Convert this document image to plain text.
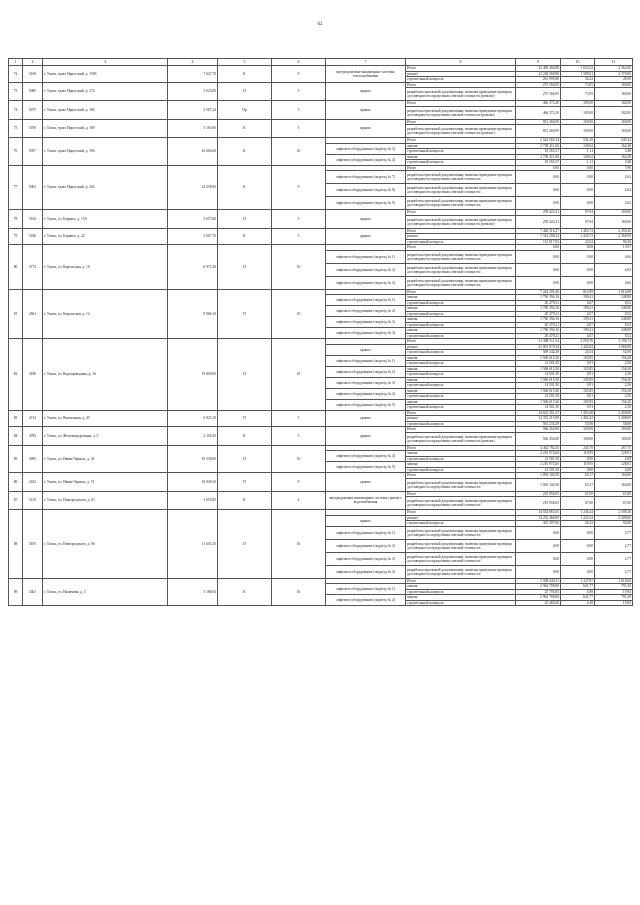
62
1	2	3	4	5	6	7	8	9	10	11
72	5169	г. Томск, тракт Иркутский, д. 158б	7 647,70	К	9	внутридомовые инженерные системы теплоснабжения	Итого	12 490 404,88	1 633,23	2 562,00
							ремонт	12 228 569,00	1 599,01	2 379,00
							строительный контроль	261 995,88	34,22	49,00
73	5085	г. Томск, тракт Иркутский, д. 174	3 625,00	П	5	крыша	Итого	275 566,95	73,95	169,00
							разработка проектной документации, включая проведение проверки достоверности определения сметной стоимости (ремонт)	275 566,95	73,95	169,00
74	5075	г. Томск, тракт Иркутский, д. 184	3 587,24	Пр	5	крыша	Итого	466 372,20	185,00	182,00
							разработка проектной документации, включая проведение проверки достоверности определения сметной стоимости (ремонт)	466 372,20	185,00	182,00
75	5076	г. Томск, тракт Иркутский, д. 169	5 163,96	К	5	крыша	Итого	851 260,99	169,00	169,00
							разработка проектной документации, включая проведение проверки достоверности определения сметной стоимости (ремонт)	851 260,99	169,00	169,00
76	5057	г. Томск, тракт Иркутский, д. 194	16 664,60	К	10		Итого	2 544 582,14	541,45	543,34
						лифтовое оборудование (подъезд № 3)	замена	2 758 411,00	149,62	162,48
							строительный контроль	18 565,37	1,11	3,48
						лифтовое оборудование (подъезд № 4)	замена	2 758 411,00	149,62	162,48
							строительный контроль	18 565,37	1,11	3,48
77	5061	г. Томск, тракт Иркутский, д. 204	12 258,90	К	9		Итого	0,00	0,00	7,90
						лифтовое оборудование (подъезд № 7)	разработка проектной документации, включая проведение проверки достоверности определения сметной стоимости	0,00	0,00	2,63
						лифтовое оборудование (подъезд № 8)	разработка проектной документации, включая проведение проверки достоверности определения сметной стоимости	0,00	0,00	2,64
						лифтовое оборудование (подъезд № 9)	разработка проектной документации, включая проведение проверки достоверности определения сметной стоимости	0,00	0,00	2,63
78	5162	г. Томск, ул. Беринга, д. 15А	2 657,60	П	5	крыша	Итого	259 424,31	97,94	169,00
							разработка проектной документации, включая проведение проверки достоверности определения сметной стоимости (ремонт)	259 424,31	97,94	169,00
79	5186	г. Томск, ул. Беринга, д. 22	5 067,70	К	5	крыша	Итого	7 426 316,27	1 465,74	2 458,20
							ремонт	7 314 298,34	1 443,72	2 368,00
							строительный контроль	112 017,93	22,02	90,20
80	4774	г. Томск, ул. Киргизская, д. 10	6 971,50	П	10		Итого	0,00	0,00	13,97
						лифтовое оборудование (подъезд № 1)	разработка проектной документации, включая проведение проверки достоверности определения сметной стоимости	0,00	0,00	4,66
						лифтовое оборудование (подъезд № 2)	разработка проектной документации, включая проведение проверки достоверности определения сметной стоимости	0,00	0,00	4,65
						лифтовое оборудование (подъезд № 3)	разработка проектной документации, включая проведение проверки достоверности определения сметной стоимости	0,00	0,00	4,66
81	4561	г. Томск, ул. Киргизская, д. 12	9 066,10	П	10		Итого	7 244 295,40	814,98	1 016,80
						лифтовое оборудование (подъезд № 1)	замена	1 790 394,16	199,41	248,80
							строительный контроль	20 479,21	4,07	8,52
						лифтовое оборудование (подъезд № 2)	замена	1 790 394,16	199,41	248,80
							строительный контроль	20 479,21	4,07	8,52
						лифтовое оборудование (подъезд № 3)	замена	1 790 394,16	199,41	248,80
							строительный контроль	20 479,21	4,07	8,52
						лифтовое оборудование (подъезд № 4)	замена	1 790 394,16	199,41	248,80
							строительный контроль	20 479,21	4,07	8,52
82	4180	г. Томск, ул. Водопроводная, д. 16	19 849,00	П	10		Итого	31 408 511,54	2 059,76	3 196,74
						крыша	ремонт	21 001 070,34	1 444,02	1 968,00
							строительный контроль	509 342,29	24,54	52,00
						лифтовое оборудование (подъезд № 1)	замена	1 506 615,30	105,85	156,20
							строительный контроль	14 501,50	0,91	2,56
						лифтовое оборудование (подъезд № 2)	замена	1 506 615,30	105,85	156,20
							строительный контроль	14 501,50	0,91	2,56
						лифтовое оборудование (подъезд № 3)	замена	1 506 615,30	105,85	156,20
							строительный контроль	14 501,50	0,91	2,56
						лифтовое оборудование (подъезд № 4)	замена	1 506 615,30	105,85	156,20
							строительный контроль	14 501,50	0,91	2,56
						лифтовое оборудование (подъезд № 5)	замена	1 506 615,30	105,85	156,20
							строительный контроль	14 501,50	0,91	2,56
83	4714	г. Томск, ул. Вокзальная, д. 45	6 925,10	П	5	крыша	Итого	14 623 451,27	1 455,48	2 458,00
							ремонт	14 352 215,98	1 402,42	2 408,00
							строительный контроль	561 235,29	53,06	50,00
84	4785	г. Томск, ул. Железнодорожная, д. 5	2 159,20	К	5	крыша	Итого	566 454,80	169,00	169,00
							разработка проектной документации, включая проведение проверки достоверности определения сметной стоимости (ремонт)	566 454,80	169,00	169,00
85	4095	г. Томск, ул. Ивана Черных, д. 24	10 538,00	П	10		Итого	4 462 792,45	245,70	267,75
						лифтовое оборудование (подъезд № 4)	замена	2 216 974,60	119,95	128,91
							строительный контроль	14 501,50	0,90	2,69
						лифтовое оборудование (подъезд № 5)	замена	2 216 974,60	119,95	128,91
							строительный контроль	14 501,50	0,90	2,69
86	3412	г. Томск, ул. Ивана Черных, д. 72	16 849,10	П	9	крыша	Итого	1 094 104,30	63,17	164,00
							разработка проектной документации, включая проведение проверки достоверности определения сметной стоимости	1 094 104,30	63,17	164,00
87	5135	г. Томск, ул. Новгородского, д. 81	3 955,85	К	4	внутридомовые инженерные системы горячего водоснабжения	Итого	219 956,05	67,00	67,00
							разработка проектной документации, включая проведение проверки достоверности определения сметной стоимости	219 956,05	67,00	67,00
88	5105	г. Томск, ул. Новгородского, д. 86	11 655,10	П	10		Итого	14 554 865,65	1 246,44	2 508,30
						крыша	ремонт	14 252 468,69	1 222,54	2 408,00
							строительный контроль	301 397,06	26,32	92,00
						лифтовое оборудование (подъезд № 1)	разработка проектной документации, включая проведение проверки достоверности определения сметной стоимости	0,00	0,00	2,77
						лифтовое оборудование (подъезд № 2)	разработка проектной документации, включая проведение проверки достоверности определения сметной стоимости	0,00	0,00	2,77
						лифтовое оборудование (подъезд № 3)	разработка проектной документации, включая проведение проверки достоверности определения сметной стоимости	0,00	0,00	2,77
						лифтовое оборудование (подъезд № 4)	разработка проектной документации, включая проведение проверки достоверности определения сметной стоимости	0,00	0,00	2,77
89	4361	г. Томск, ул. Нахимова, д. 3	5 186,94	К	10		Итого	5 948 440,11	1 127,87	1 616,60
						лифтовое оборудование (подъезд № 1)	замена	2 962 788,80	641,77	791,30
							строительный контроль	25 705,83	4,98	19,94
						лифтовое оборудование (подъезд № 2)	замена	2 962 788,80	641,77	791,30
							строительный контроль	25 460,20	4,49	19,94
